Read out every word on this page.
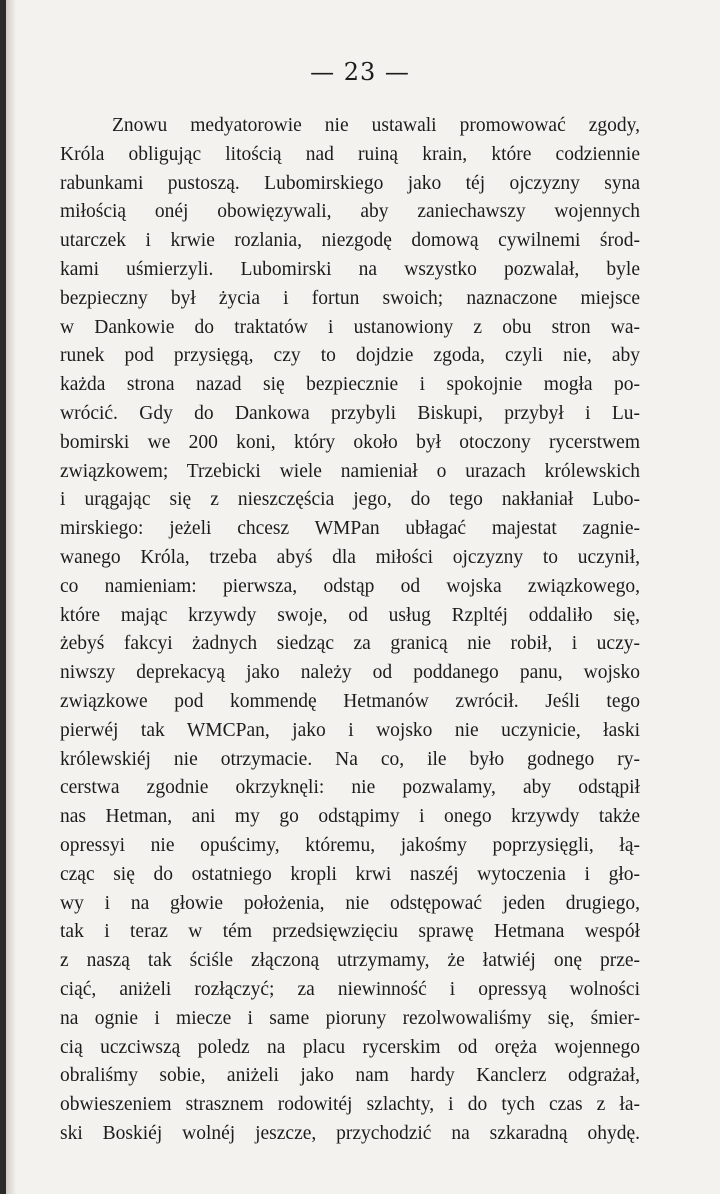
— 23 —
Znowu medyatorowie nie ustawali promowować zgody,
Króla obligując litością nad ruiną krain, które codziennie
rabunkami pustoszą. Lubomirskiego jako téj ojczyzny syna
miłością onéj obowięzywali, aby zaniechawszy wojennych
utarczek i krwie rozlania, niezgodę domową cywilnemi środ-
kami uśmierzyli. Lubomirski na wszystko pozwalał, byle
bezpieczny był życia i fortun swoich; naznaczone miejsce
w Dankowie do traktatów i ustanowiony z obu stron wa-
runek pod przysięgą, czy to dojdzie zgoda, czyli nie, aby
każda strona nazad się bezpiecznie i spokojnie mogła po-
wrócić. Gdy do Dankowa przybyli Biskupi, przybył i Lu-
bomirski we 200 koni, który około był otoczony rycerstwem
związkowem; Trzebicki wiele namieniał o urazach królewskich
i urągając się z nieszczęścia jego, do tego nakłaniał Lubo-
mirskiego: jeżeli chcesz WMPan ubłagać majestat zagnie-
wanego Króla, trzeba abyś dla miłości ojczyzny to uczynił,
co namieniam: pierwsza, odstąp od wojska związkowego,
które mając krzywdy swoje, od usług Rzpltéj oddaliło się,
żebyś fakcyi żadnych siedząc za granicą nie robił, i uczy-
niwszy deprekacyą jako należy od poddanego panu, wojsko
związkowe pod kommendę Hetmanów zwrócił. Jeśli tego
pierwéj tak WMCPan, jako i wojsko nie uczynicie, łaski
królewskiéj nie otrzymacie. Na co, ile było godnego ry-
cerstwa zgodnie okrzyknęli: nie pozwalamy, aby odstąpił
nas Hetman, ani my go odstąpimy i onego krzywdy także
opressyi nie opuścimy, któremu, jakośmy poprzysięgli, łą-
cząc się do ostatniego kropli krwi naszéj wytoczenia i gło-
wy i na głowie położenia, nie odstępować jeden drugiego,
tak i teraz w tém przedsięwzięciu sprawę Hetmana wespół
z naszą tak ściśle złączoną utrzymamy, że łatwiéj onę prze-
ciąć, aniżeli rozłączyć; za niewinność i opressyą wolności
na ognie i miecze i same pioruny rezolwowaliśmy się, śmier-
cią uczciwszą poledz na placu rycerskim od oręża wojennego
obraliśmy sobie, aniżeli jako nam hardy Kanclerz odgrażał,
obwieszeniem strasznem rodowitéj szlachty, i do tych czas z ła-
ski Boskiéj wolnéj jeszcze, przychodzić na szkaradną ohydę.
